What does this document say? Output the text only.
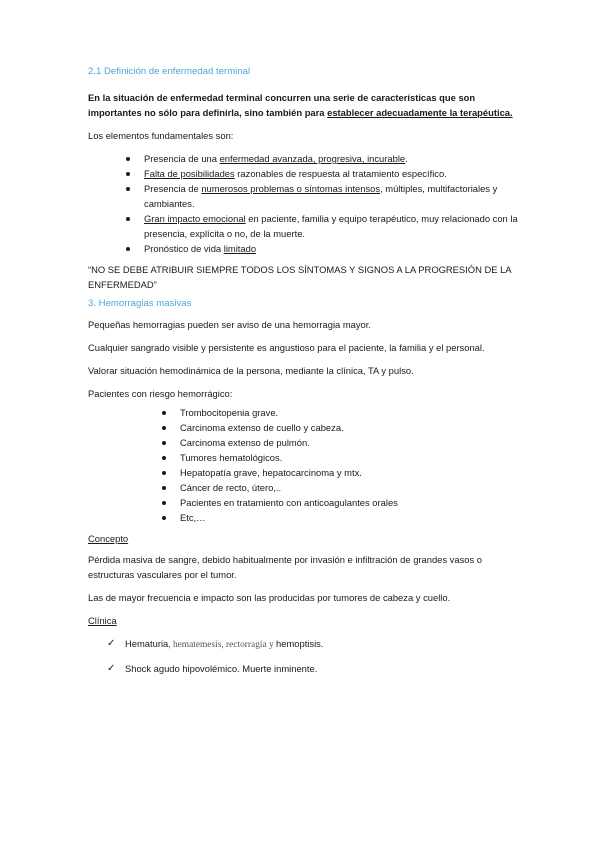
2.1 Definición de enfermedad terminal

En la situación de enfermedad terminal concurren una serie de características que son importantes no sólo para definirla, sino también para establecer adecuadamente la terapéutica.

Los elementos fundamentales son:

Presencia de una enfermedad avanzada, progresiva, incurable.
Falta de posibilidades razonables de respuesta al tratamiento específico.
Presencia de numerosos problemas o síntomas intensos, múltiples, multifactoriales y cambiantes.
Gran impacto emocional en paciente, familia y equipo terapéutico, muy relacionado con la presencia, explícita o no, de la muerte.
Pronóstico de vida limitado

“NO SE DEBE ATRIBUIR SIEMPRE TODOS LOS SÍNTOMAS Y SIGNOS A LA PROGRESIÓN DE LA ENFERMEDAD”

3. Hemorragias masivas

Pequeñas hemorragias pueden ser aviso de una hemorragia mayor.

Cualquier sangrado visible y persistente es angustioso para el paciente, la familia y el personal.

Valorar situación hemodinámica de la persona, mediante la clínica, TA y pulso.

Pacientes con riesgo hemorrágico:

Trombocitopenia grave.
Carcinoma extenso de cuello y cabeza.
Carcinoma extenso de pulmón.
Tumores hematológicos.
Hepatopatía grave, hepatocarcinoma y mtx.
Cáncer de recto, útero,..
Pacientes en tratamiento con anticoagulantes orales
Etc,…

Concepto

Pérdida masiva de sangre, debido habitualmente por invasión e infiltración de grandes vasos o estructuras vasculares por el tumor.

Las de mayor frecuencia e impacto son las producidas por tumores de cabeza y cuello.

Clínica

✓ Hematuria, hematemesis, rectorragia y hemoptisis.
✓ Shock agudo hipovolémico. Muerte inminente.
